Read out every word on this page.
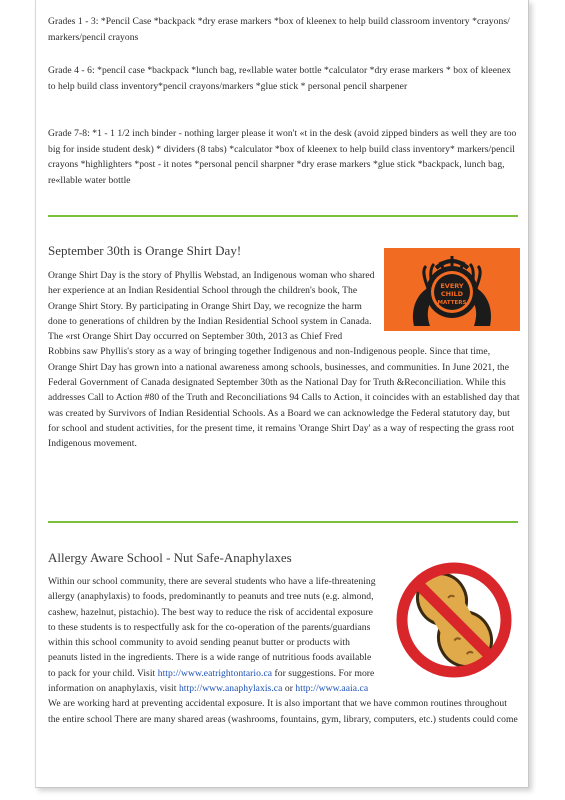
Grades 1 - 3: *Pencil Case *backpack *dry erase markers *box of kleenex to help build classroom inventory *crayons/ markers/pencil crayons

Grade 4 - 6: *pencil case *backpack *lunch bag, re«llable water bottle *calculator *dry erase markers * box of kleenex to help build class inventory*pencil crayons/markers *glue stick * personal pencil sharpener

Grade 7-8: *1 - 1 1/2 inch binder - nothing larger please it won't «t in the desk (avoid zipped binders as well they are too big for inside student desk) * dividers (8 tabs) *calculator *box of kleenex to help build class inventory* markers/pencil crayons *highlighters *post - it notes *personal pencil sharpner *dry erase markers *glue stick *backpack, lunch bag, re«llable water bottle

September 30th is Orange Shirt Day!
EVERY
CHILD
MATTERS

Orange Shirt Day is the story of Phyllis Webstad, an Indigenous woman who shared her experience at an Indian Residential School through the children's book, The Orange Shirt Story. By participating in Orange Shirt Day, we recognize the harm done to generations of children by the Indian Residential School system in Canada. The «rst Orange Shirt Day occurred on September 30th, 2013 as Chief Fred Robbins saw Phyllis's story as a way of bringing together Indigenous and non-Indigenous people. Since that time, Orange Shirt Day has grown into a national awareness among schools, businesses, and communities. In June 2021, the Federal Government of Canada designated September 30th as the National Day for Truth &Reconciliation. While this addresses Call to Action #80 of the Truth and Reconciliations 94 Calls to Action, it coincides with an established day that was created by Survivors of Indian Residential Schools. As a Board we can acknowledge the Federal statutory day, but for school and student activities, for the present time, it remains 'Orange Shirt Day' as a way of respecting the grass root Indigenous movement.

Allergy Aware School - Nut Safe-Anaphylaxes

Within our school community, there are several students who have a life-threatening allergy (anaphylaxis) to foods, predominantly to peanuts and tree nuts (e.g. almond, cashew, hazelnut, pistachio). The best way to reduce the risk of accidental exposure to these students is to respectfully ask for the co-operation of the parents/guardians within this school community to avoid sending peanut butter or products with peanuts listed in the ingredients. There is a wide range of nutritious foods available to pack for your child. Visit http://www.eatrightontario.ca for suggestions. For more information on anaphylaxis, visit http://www.anaphylaxis.ca or http://www.aaia.ca We are working hard at preventing accidental exposure. It is also important that we have common routines throughout the entire school There are many shared areas (washrooms, fountains, gym, library, computers, etc.) students could come
